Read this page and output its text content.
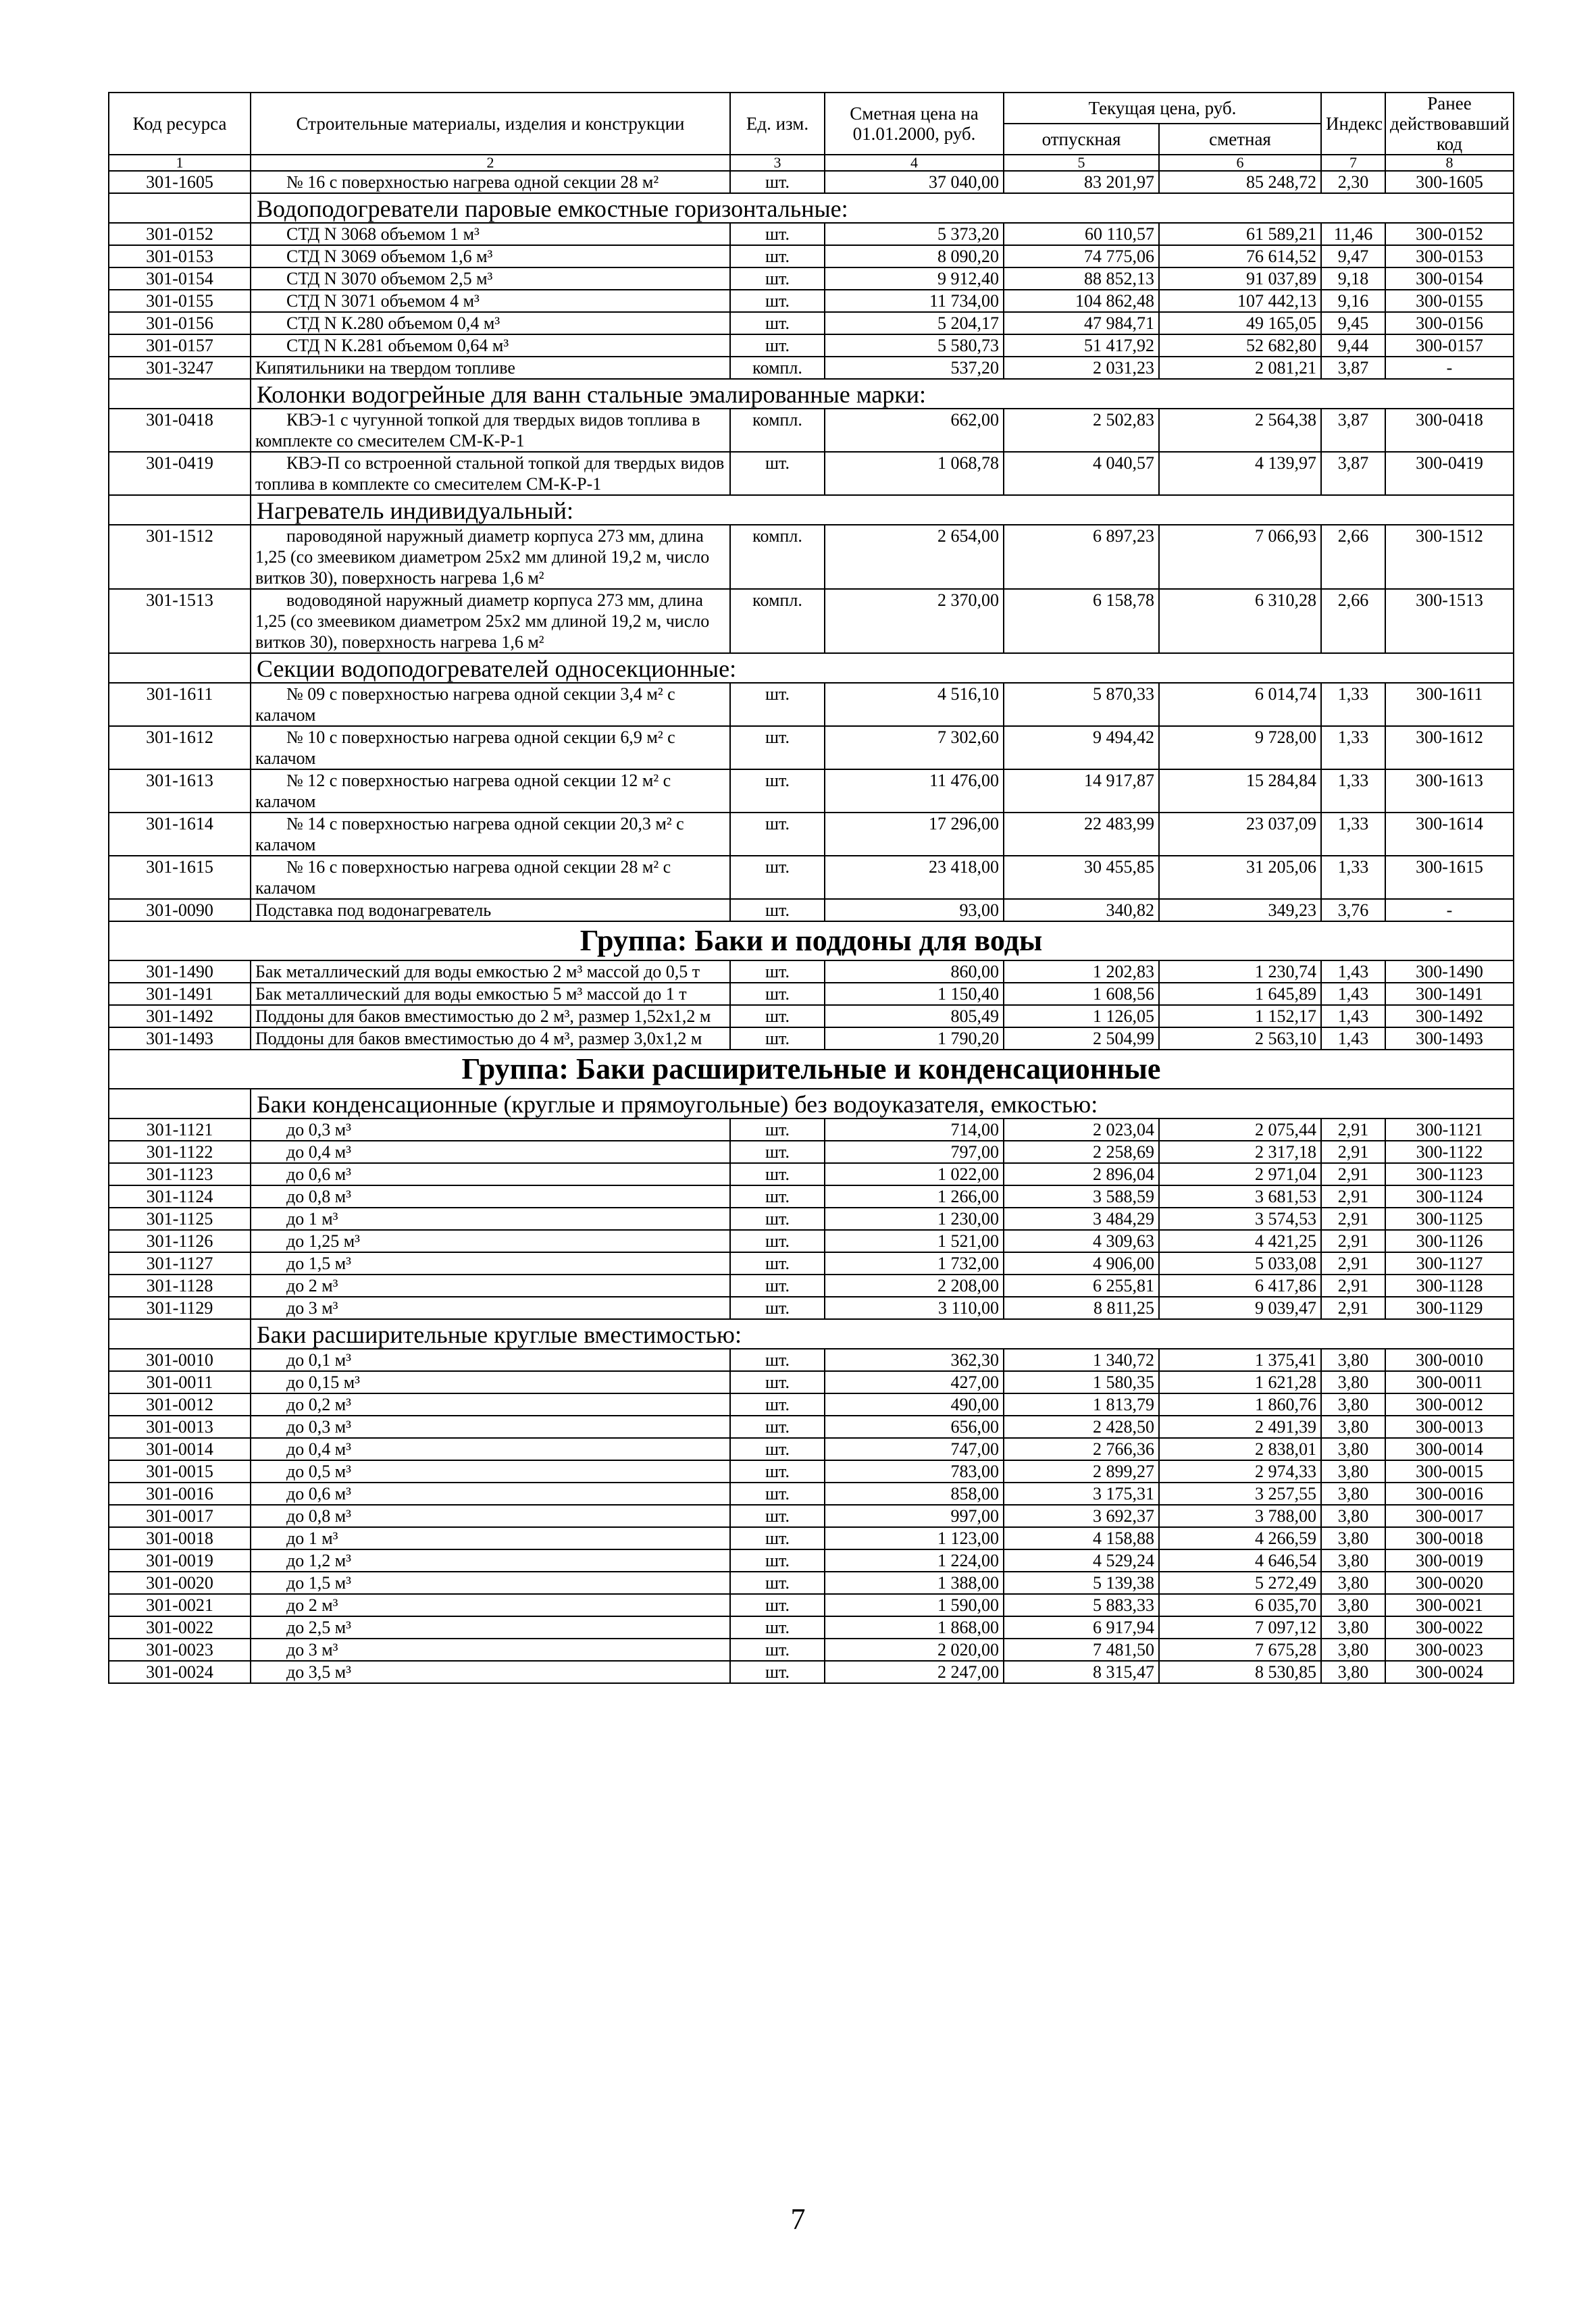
Код ресурса	Строительные материалы, изделия и конструкции	Ед. изм.	Сметная цена на 01.01.2000, руб.	Текущая цена, руб.		Индекс	Ранее действовавший код
				отпускная	сметная		
1	2	3	4	5	6	7	8
301-1605	№ 16 с поверхностью нагрева одной секции 28 м²	шт.	37 040,00	83 201,97	85 248,72	2,30	300-1605
	Водоподогреватели паровые емкостные горизонтальные:						
301-0152	СТД N 3068 объемом 1 м³	шт.	5 373,20	60 110,57	61 589,21	11,46	300-0152
301-0153	СТД N 3069 объемом 1,6 м³	шт.	8 090,20	74 775,06	76 614,52	9,47	300-0153
301-0154	СТД N 3070 объемом 2,5 м³	шт.	9 912,40	88 852,13	91 037,89	9,18	300-0154
301-0155	СТД N 3071 объемом 4 м³	шт.	11 734,00	104 862,48	107 442,13	9,16	300-0155
301-0156	СТД N К.280 объемом 0,4 м³	шт.	5 204,17	47 984,71	49 165,05	9,45	300-0156
301-0157	СТД N К.281 объемом 0,64 м³	шт.	5 580,73	51 417,92	52 682,80	9,44	300-0157
301-3247	Кипятильники на твердом топливе	компл.	537,20	2 031,23	2 081,21	3,87	-
	Колонки водогрейные для ванн стальные эмалированные марки:						
301-0418	КВЭ-1 с чугунной топкой для твердых видов топлива в комплекте со смесителем СМ-К-Р-1	компл.	662,00	2 502,83	2 564,38	3,87	300-0418
301-0419	КВЭ-П со встроенной стальной топкой для твердых видов топлива в комплекте со смесителем СМ-К-Р-1	шт.	1 068,78	4 040,57	4 139,97	3,87	300-0419
	Нагреватель индивидуальный:						
301-1512	пароводяной наружный диаметр корпуса 273 мм, длина 1,25 (со змеевиком диаметром 25х2 мм длиной 19,2 м, число витков 30), поверхность нагрева 1,6 м²	компл.	2 654,00	6 897,23	7 066,93	2,66	300-1512
301-1513	водоводяной наружный диаметр корпуса 273 мм, длина 1,25 (со змеевиком диаметром 25х2 мм длиной 19,2 м, число витков 30), поверхность нагрева 1,6 м²	компл.	2 370,00	6 158,78	6 310,28	2,66	300-1513
	Секции водоподогревателей односекционные:						
301-1611	№ 09 с поверхностью нагрева одной секции 3,4 м² с калачом	шт.	4 516,10	5 870,33	6 014,74	1,33	300-1611
301-1612	№ 10 с поверхностью нагрева одной секции 6,9 м² с калачом	шт.	7 302,60	9 494,42	9 728,00	1,33	300-1612
301-1613	№ 12 с поверхностью нагрева одной секции 12 м² с калачом	шт.	11 476,00	14 917,87	15 284,84	1,33	300-1613
301-1614	№ 14 с поверхностью нагрева одной секции 20,3 м² с калачом	шт.	17 296,00	22 483,99	23 037,09	1,33	300-1614
301-1615	№ 16 с поверхностью нагрева одной секции 28 м² с калачом	шт.	23 418,00	30 455,85	31 205,06	1,33	300-1615
301-0090	Подставка под водонагреватель	шт.	93,00	340,82	349,23	3,76	-
Группа: Баки и поддоны для воды							
301-1490	Бак металлический для воды емкостью 2 м³ массой до 0,5 т	шт.	860,00	1 202,83	1 230,74	1,43	300-1490
301-1491	Бак металлический для воды емкостью 5 м³ массой до 1 т	шт.	1 150,40	1 608,56	1 645,89	1,43	300-1491
301-1492	Поддоны для баков вместимостью до 2 м³, размер 1,52х1,2 м	шт.	805,49	1 126,05	1 152,17	1,43	300-1492
301-1493	Поддоны для баков вместимостью до 4 м³, размер 3,0х1,2 м	шт.	1 790,20	2 504,99	2 563,10	1,43	300-1493
Группа: Баки расширительные и конденсационные							
	Баки конденсационные (круглые и прямоугольные) без водоуказателя, емкостью:						
301-1121	до 0,3 м³	шт.	714,00	2 023,04	2 075,44	2,91	300-1121
301-1122	до 0,4 м³	шт.	797,00	2 258,69	2 317,18	2,91	300-1122
301-1123	до 0,6 м³	шт.	1 022,00	2 896,04	2 971,04	2,91	300-1123
301-1124	до 0,8 м³	шт.	1 266,00	3 588,59	3 681,53	2,91	300-1124
301-1125	до 1 м³	шт.	1 230,00	3 484,29	3 574,53	2,91	300-1125
301-1126	до 1,25 м³	шт.	1 521,00	4 309,63	4 421,25	2,91	300-1126
301-1127	до 1,5 м³	шт.	1 732,00	4 906,00	5 033,08	2,91	300-1127
301-1128	до 2 м³	шт.	2 208,00	6 255,81	6 417,86	2,91	300-1128
301-1129	до 3 м³	шт.	3 110,00	8 811,25	9 039,47	2,91	300-1129
	Баки расширительные круглые вместимостью:						
301-0010	до 0,1 м³	шт.	362,30	1 340,72	1 375,41	3,80	300-0010
301-0011	до 0,15 м³	шт.	427,00	1 580,35	1 621,28	3,80	300-0011
301-0012	до 0,2 м³	шт.	490,00	1 813,79	1 860,76	3,80	300-0012
301-0013	до 0,3 м³	шт.	656,00	2 428,50	2 491,39	3,80	300-0013
301-0014	до 0,4 м³	шт.	747,00	2 766,36	2 838,01	3,80	300-0014
301-0015	до 0,5 м³	шт.	783,00	2 899,27	2 974,33	3,80	300-0015
301-0016	до 0,6 м³	шт.	858,00	3 175,31	3 257,55	3,80	300-0016
301-0017	до 0,8 м³	шт.	997,00	3 692,37	3 788,00	3,80	300-0017
301-0018	до 1 м³	шт.	1 123,00	4 158,88	4 266,59	3,80	300-0018
301-0019	до 1,2 м³	шт.	1 224,00	4 529,24	4 646,54	3,80	300-0019
301-0020	до 1,5 м³	шт.	1 388,00	5 139,38	5 272,49	3,80	300-0020
301-0021	до 2 м³	шт.	1 590,00	5 883,33	6 035,70	3,80	300-0021
301-0022	до 2,5 м³	шт.	1 868,00	6 917,94	7 097,12	3,80	300-0022
301-0023	до 3 м³	шт.	2 020,00	7 481,50	7 675,28	3,80	300-0023
301-0024	до 3,5 м³	шт.	2 247,00	8 315,47	8 530,85	3,80	300-0024
7
